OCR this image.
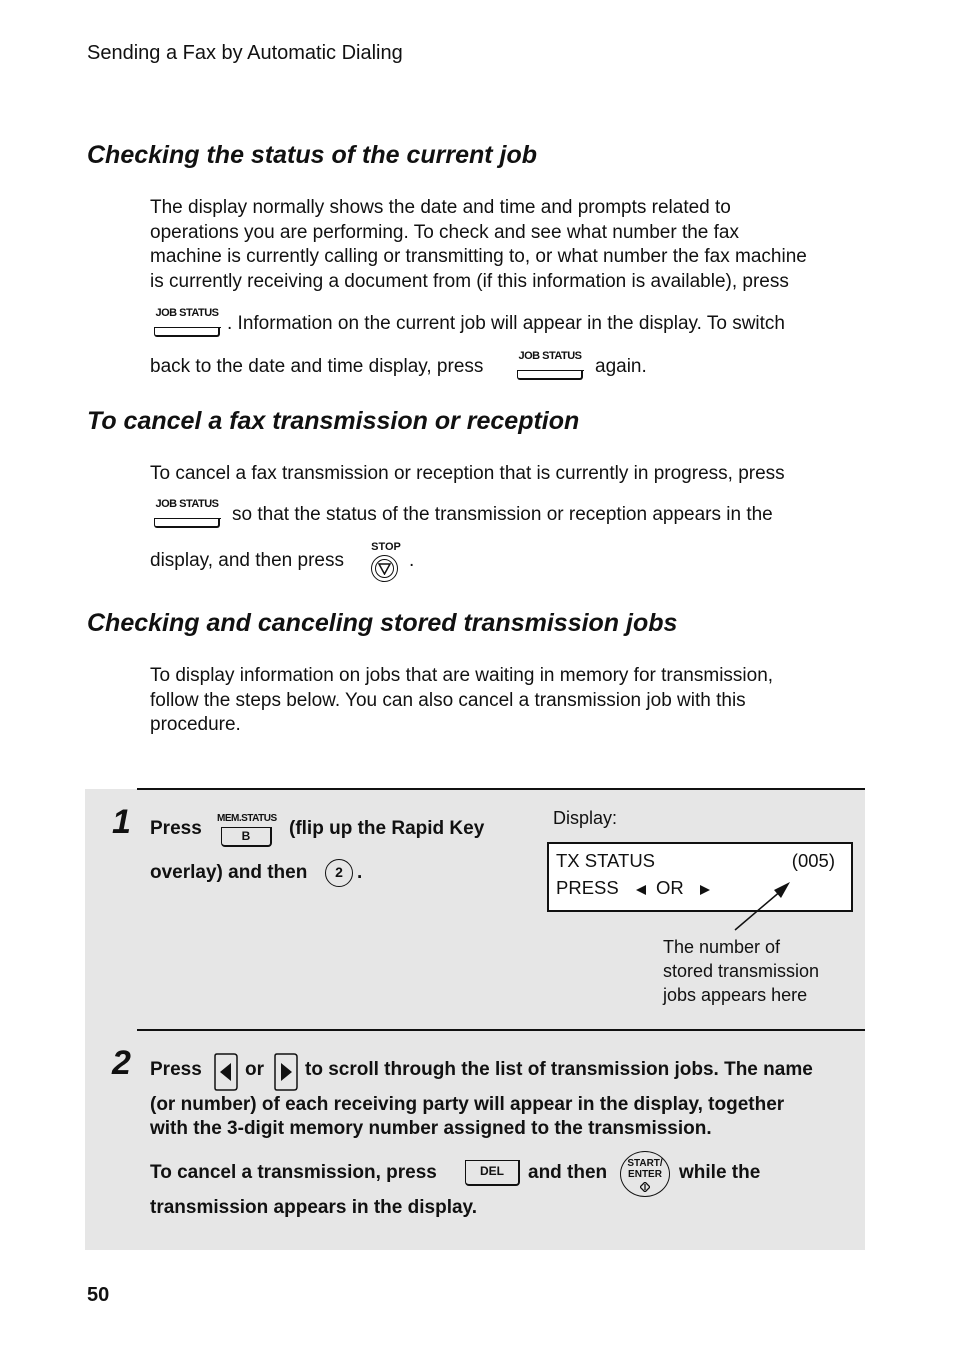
Sending a Fax by Automatic Dialing
Checking the status of the current job
The display normally shows the date and time and prompts related to
operations you are performing. To check and see what number the fax
machine is currently calling or transmitting to, or what number the fax machine
is currently receiving a document from (if this information is available), press
JOB STATUS . Information on the current job will appear in the display. To switch
back to the date and time display, press	JOB STATUS again.
To cancel a fax transmission or reception
To cancel a fax transmission or reception that is currently in progress, press
JOB STATUS so that the status of the transmission or reception appears in the
display, and then press
STOP
.
Checking and canceling stored transmission jobs
To display information on jobs that are waiting in memory for transmission,
follow the steps below. You can also cancel a transmission job with this
procedure.
1 Press MEM.STATUS
B	(flip up the Rapid Key
overlay) and then	2 .
Display:
TX STATUS	(005)
PRESS OR
The number of
stored transmission
jobs appears here
2 Press or to scroll through the list of transmission jobs. The name
(or number) of each receiving party will appear in the display, together
with the 3-digit memory number assigned to the transmission.
To cancel a transmission, press	DEL	and then	START/
ENTER while the
transmission appears in the display.
50
